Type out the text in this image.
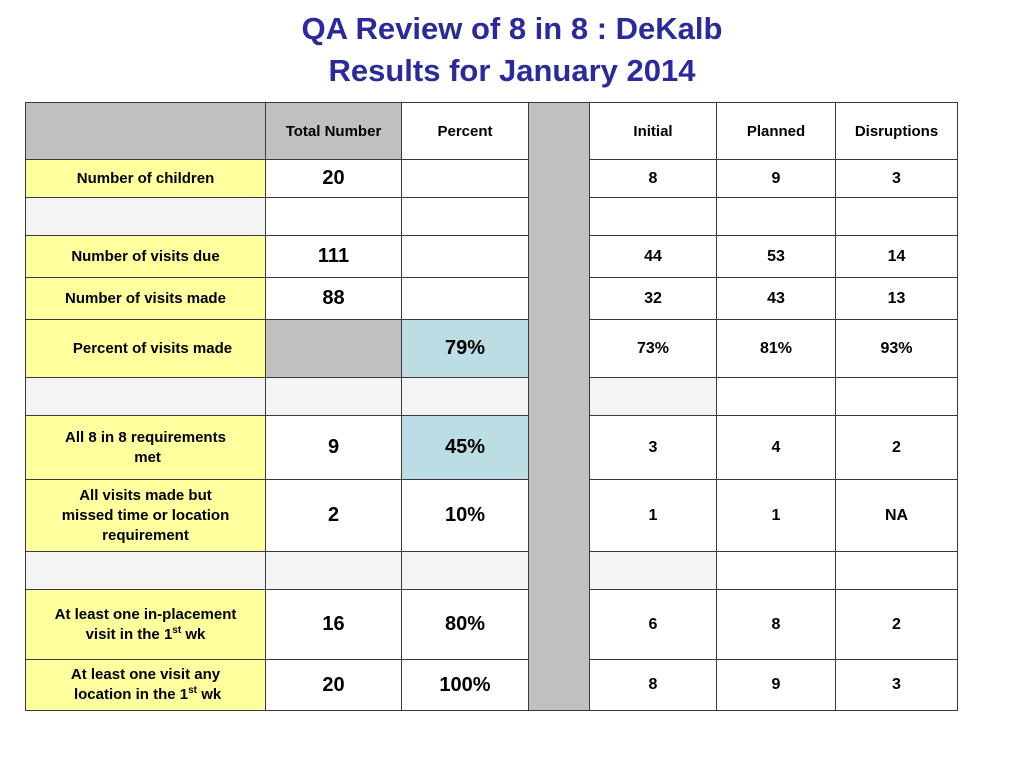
QA Review of 8 in 8 : DeKalb
Results for January 2014
	Total Number	Percent		Initial	Planned	Disruptions
Number of children	20			8	9	3

Number of visits due	111			44	53	14
Number of visits made	88			32	43	13
Percent of visits made		79%		73%	81%	93%

All 8 in 8 requirements
met	9	45%		3	4	2
All visits made but
missed time or location
requirement	2	10%		1	1	NA

At least one in-placement
visit in the 1st wk	16	80%		6	8	2
At least one visit any
location in the 1st wk	20	100%		8	9	3
